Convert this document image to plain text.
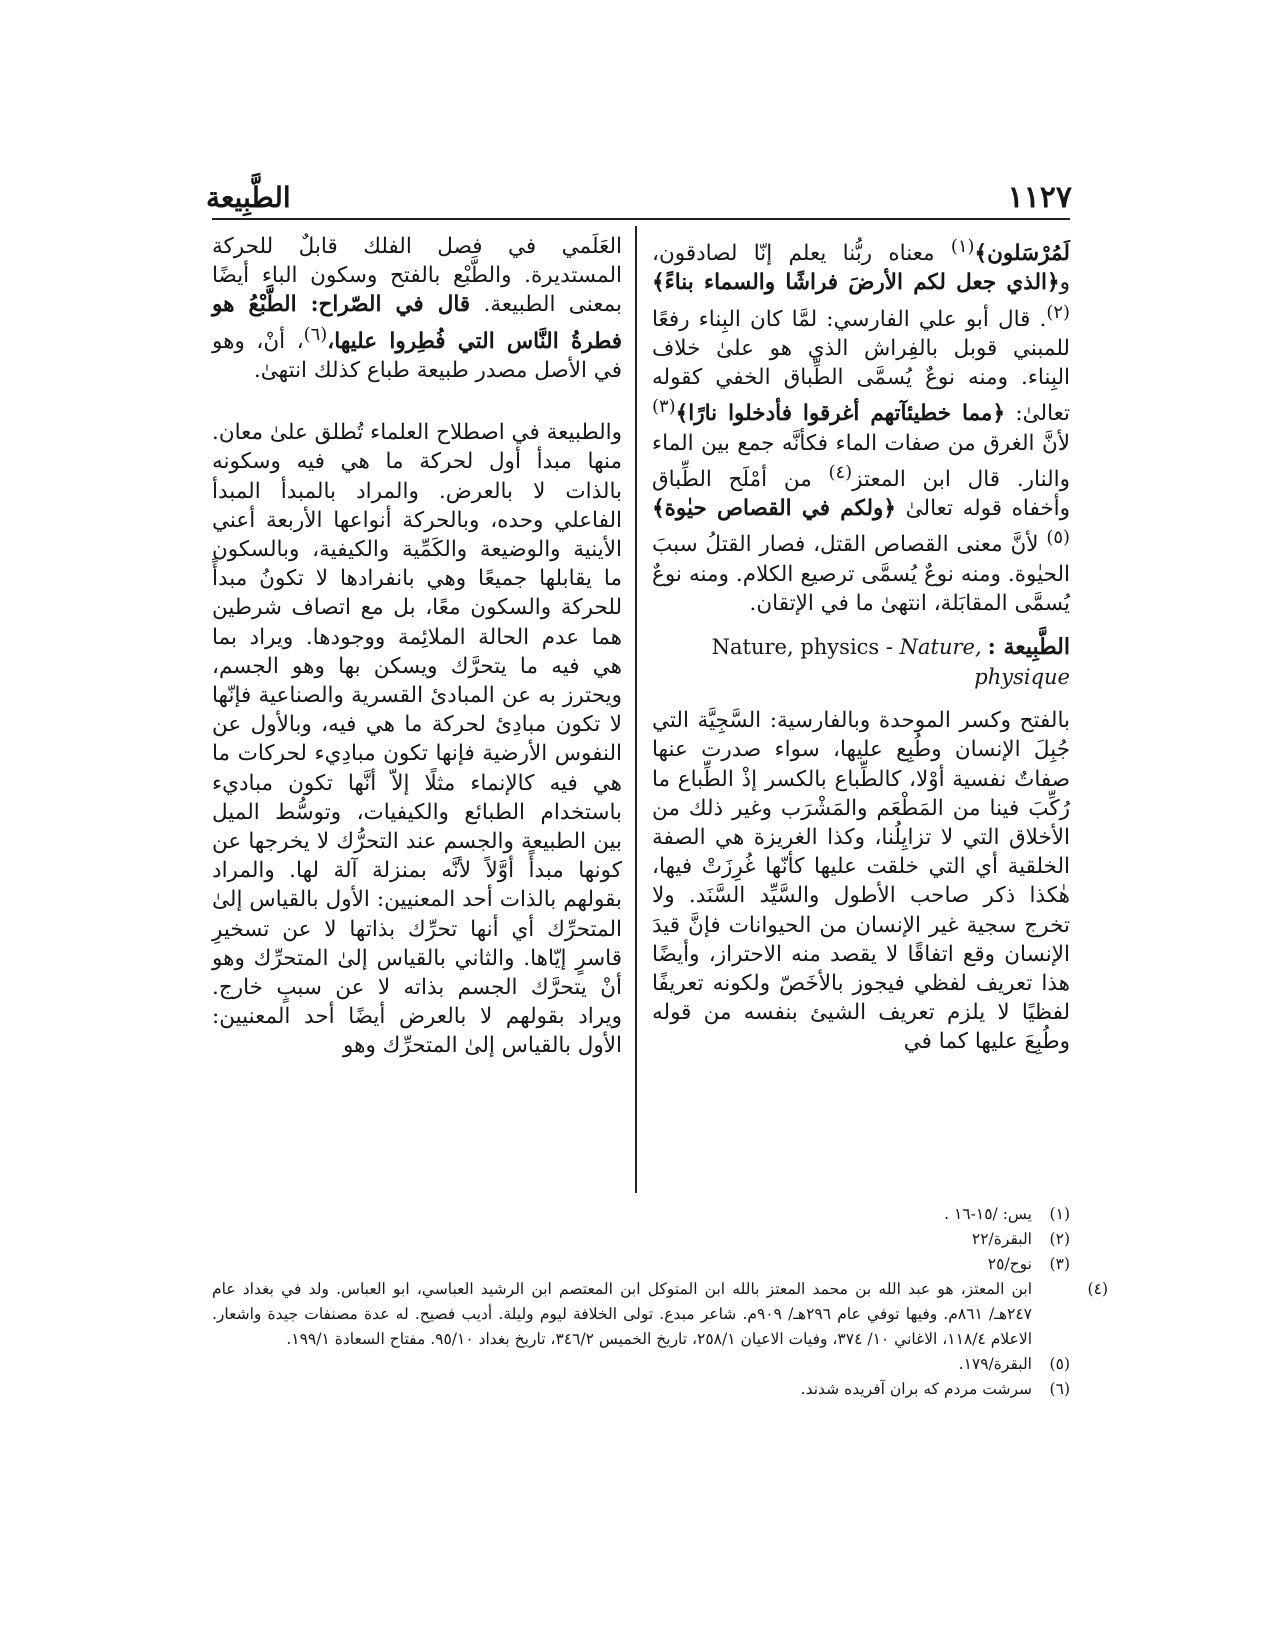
١١٢٧
الطَّبِيعة

لَمُرْسَلون﴾$^{(١)}$ معناه ربُّنا يعلم إنّا لصادقون، و﴿الذي جعل لكم الأرضَ فراشًا والسماء بناءً﴾$^{(٢)}$. قال أبو علي الفارسي: لمَّا كان البِناء رفعًا للمبني قوبل بالفِراش الذي هو علىٰ خلاف البِناء. ومنه نوعٌ يُسمَّى الطِّباق الخفي كقوله تعالىٰ: ﴿مما خطيئآتهم أغرقوا فأدخلوا نارًا﴾$^{(٣)}$ لأنَّ الغرق من صفات الماء فكأنَّه جمع بين الماء والنار. قال ابن المعتز$^{(٤)}$ من أمْلَح الطِّباق وأخفاه قوله تعالىٰ ﴿ولكم في القصاص حيٰوة﴾$^{(٥)}$ لأنَّ معنى القصاص القتل، فصار القتلُ سببَ الحيٰوة. ومنه نوعٌ يُسمَّى ترصيع الكلام. ومنه نوعٌ يُسمَّى المقابَلة، انتهىٰ ما في الإتقان.

الطَّبِيعة :
Nature, physics - Nature,
physique

بالفتح وكسر الموحدة وبالفارسية: السَّجِيَّة التي جُبِلَ الإنسان وطُبِع عليها، سواء صدرت عنها صفاتٌ نفسية أوْلا، كالطِّباع بالكسر إذْ الطِّباع ما رُكِّبَ فينا من المَطْعَم والمَشْرَب وغير ذلك من الأخلاق التي لا تزايِلُنا، وكذا الغريزة هي الصفة الخلقية أي التي خلقت عليها كأنّها غُرِزَتْ فيها، هٰكذا ذكر صاحب الأطول والسَّيِّد السَّنَد. ولا تخرج سجية غير الإنسان من الحيوانات فإنَّ قيدَ الإنسان وقع اتفاقًا لا يقصد منه الاحتراز، وأيضًا هذا تعريف لفظي فيجوز بالأخَصّ ولكونه تعريفًا لفظيًا لا يلزم تعريف الشيئ بنفسه من قوله وطُبِعَ عليها كما في

العَلَمي في فصل الفلك قابلٌ للحركة المستديرة. والطَّبْع بالفتح وسكون الباء أيضًا بمعنى الطبيعة. قال في الصّراح: الطَّبْعُ هو فطرةُ النَّاس التي فُطِروا عليها،$^{(٦)}$، أنْ، وهو في الأصل مصدر طبيعة طباع كذلك انتهىٰ.

والطبيعة في اصطلاح العلماء تُطلق علىٰ معان. منها مبدأ أول لحركة ما هي فيه وسكونه بالذات لا بالعرض. والمراد بالمبدأ المبدأ الفاعلي وحده، وبالحركة أنواعها الأربعة أعني الأينية والوضيعة والكَمِّية والكيفية، وبالسكون ما يقابلها جميعًا وهي بانفرادها لا تكونُ مبدأً للحركة والسكون معًا، بل مع اتصاف شرطين هما عدم الحالة الملائِمة ووجودها. ويراد بما هي فيه ما يتحرَّك ويسكن بها وهو الجسم، ويحترز به عن المبادئ القسرية والصناعية فإنّها لا تكون مبادِئ لحركة ما هي فيه، وبالأول عن النفوس الأرضية فإنها تكون مبادِيء لحركات ما هي فيه كالإنماء مثلًا إلاّ أنَّها تكون مباديء باستخدام الطبائع والكيفيات، وتوسُّط الميل بين الطبيعة والجسم عند التحرُّك لا يخرجها عن كونها مبدأً أوَّلاً لأنَّه بمنزلة آلة لها. والمراد بقولهم بالذات أحد المعنيين: الأول بالقياس إلىٰ المتحرِّك أي أنها تحرِّك بذاتها لا عن تسخيرِ قاسرٍ إيّاها. والثاني بالقياس إلىٰ المتحرِّك وهو أنْ يتحرَّك الجسم بذاته لا عن سببٍ خارج. ويراد بقولهم لا بالعرض أيضًا أحد المعنيين: الأول بالقياس إلىٰ المتحرِّك وهو

(١)يس: /١٥-١٦ .

(٢)البقرة/٢٢

(٣)نوح/٢٥

(٤)ابن المعتز، هو عبد الله بن محمد المعتز بالله ابن المتوكل ابن المعتصم ابن الرشيد العباسي، ابو العباس. ولد في بغداد عام ٢٤٧هـ/ ٨٦١م. وفيها توفي عام ٢٩٦هـ/ ٩٠٩م. شاعر مبدع. تولى الخلافة ليوم وليلة. أديب فصيح. له عدة مصنفات جيدة واشعار. الاعلام ١١٨/٤، الاغاني ١٠/ ٣٧٤، وفيات الاعيان ٢٥٨/١، تاريخ الخميس ٣٤٦/٢، تاريخ بغداد ٩٥/١٠. مفتاح السعادة ١٩٩/١.

(٥)البقرة/١٧٩.

(٦)سرشت مردم كه بران آفريده شدند.
